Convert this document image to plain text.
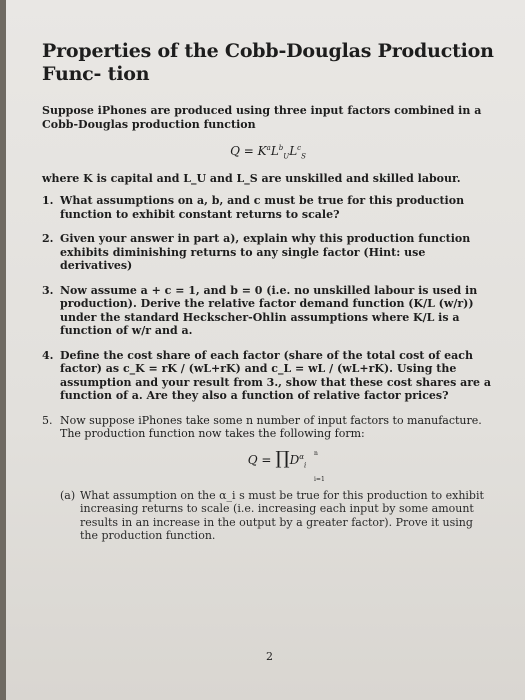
Properties of the Cobb-Douglas Production Func- tion

Suppose iPhones are produced using three input factors combined in a Cobb-Douglas production function

$Q = K^aL^b_UL^c_S$

where K is capital and L_U and L_S are unskilled and skilled labour.

1. What assumptions on a, b, and c must be true for this production function to exhibit constant returns to scale?
2. Given your answer in part a), explain why this production function exhibits diminishing returns to any single factor (Hint: use derivatives)
3. Now assume a + c = 1, and b = 0 (i.e. no unskilled labour is used in production). Derive the relative factor demand function (K/L (w/r)) under the standard Heckscher-Ohlin assumptions where K/L is a function of w/r and a.
4. Define the cost share of each factor (share of the total cost of each factor) as c_K = rK / (wL+rK) and c_L = wL / (wL+rK). Using the assumption and your result from 3., show that these cost shares are a function of a. Are they also a function of relative factor prices?
5. Now suppose iPhones take some n number of input factors to manufacture. The production function now takes the following form:
n
$Q = \prod D^\alpha_i$
i=1
(a) What assumption on the α_i s must be true for this production to exhibit increasing returns to scale (i.e. increasing each input by some amount results in an increase in the output by a greater factor). Prove it using the production function.
2
